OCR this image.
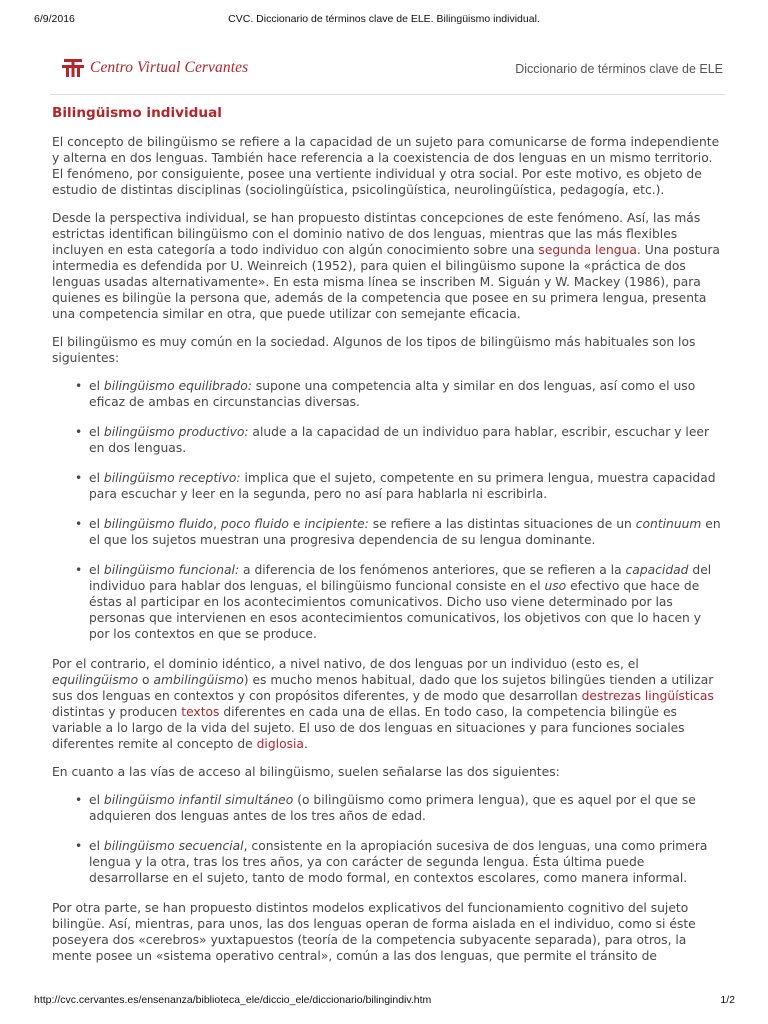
6/9/2016	CVC. Diccionario de términos clave de ELE. Bilingüismo individual.
Centro Virtual Cervantes	Diccionario de términos clave de ELE
Bilingüismo individual

El concepto de bilingüismo se refiere a la capacidad de un sujeto para comunicarse de forma independiente y alterna en dos lenguas. También hace referencia a la coexistencia de dos lenguas en un mismo territorio. El fenómeno, por consiguiente, posee una vertiente individual y otra social. Por este motivo, es objeto de estudio de distintas disciplinas (sociolingüística, psicolingüística, neurolingüística, pedagogía, etc.).

Desde la perspectiva individual, se han propuesto distintas concepciones de este fenómeno. Así, las más estrictas identifican bilingüismo con el dominio nativo de dos lenguas, mientras que las más flexibles incluyen en esta categoría a todo individuo con algún conocimiento sobre una segunda lengua. Una postura intermedia es defendida por U. Weinreich (1952), para quien el bilingüismo supone la «práctica de dos lenguas usadas alternativamente». En esta misma línea se inscriben M. Siguán y W. Mackey (1986), para quienes es bilingüe la persona que, además de la competencia que posee en su primera lengua, presenta una competencia similar en otra, que puede utilizar con semejante eficacia.

El bilingüismo es muy común en la sociedad. Algunos de los tipos de bilingüismo más habituales son los siguientes:

• el bilingüismo equilibrado: supone una competencia alta y similar en dos lenguas, así como el uso eficaz de ambas en circunstancias diversas.
• el bilingüismo productivo: alude a la capacidad de un individuo para hablar, escribir, escuchar y leer en dos lenguas.
• el bilingüismo receptivo: implica que el sujeto, competente en su primera lengua, muestra capacidad para escuchar y leer en la segunda, pero no así para hablarla ni escribirla.
• el bilingüismo fluido, poco fluido e incipiente: se refiere a las distintas situaciones de un continuum en el que los sujetos muestran una progresiva dependencia de su lengua dominante.
• el bilingüismo funcional: a diferencia de los fenómenos anteriores, que se refieren a la capacidad del individuo para hablar dos lenguas, el bilingüismo funcional consiste en el uso efectivo que hace de éstas al participar en los acontecimientos comunicativos. Dicho uso viene determinado por las personas que intervienen en esos acontecimientos comunicativos, los objetivos con que lo hacen y por los contextos en que se produce.

Por el contrario, el dominio idéntico, a nivel nativo, de dos lenguas por un individuo (esto es, el equilingüismo o ambilingüismo) es mucho menos habitual, dado que los sujetos bilingües tienden a utilizar sus dos lenguas en contextos y con propósitos diferentes, y de modo que desarrollan destrezas lingüísticas distintas y producen textos diferentes en cada una de ellas. En todo caso, la competencia bilingüe es variable a lo largo de la vida del sujeto. El uso de dos lenguas en situaciones y para funciones sociales diferentes remite al concepto de diglosia.

En cuanto a las vías de acceso al bilingüismo, suelen señalarse las dos siguientes:

• el bilingüismo infantil simultáneo (o bilingüismo como primera lengua), que es aquel por el que se adquieren dos lenguas antes de los tres años de edad.
• el bilingüismo secuencial, consistente en la apropiación sucesiva de dos lenguas, una como primera lengua y la otra, tras los tres años, ya con carácter de segunda lengua. Ésta última puede desarrollarse en el sujeto, tanto de modo formal, en contextos escolares, como manera informal.

Por otra parte, se han propuesto distintos modelos explicativos del funcionamiento cognitivo del sujeto bilingüe. Así, mientras, para unos, las dos lenguas operan de forma aislada en el individuo, como si éste poseyera dos «cerebros» yuxtapuestos (teoría de la competencia subyacente separada), para otros, la mente posee un «sistema operativo central», común a las dos lenguas, que permite el tránsito de

http://cvc.cervantes.es/ensenanza/biblioteca_ele/diccio_ele/diccionario/bilingindiv.htm	1/2
